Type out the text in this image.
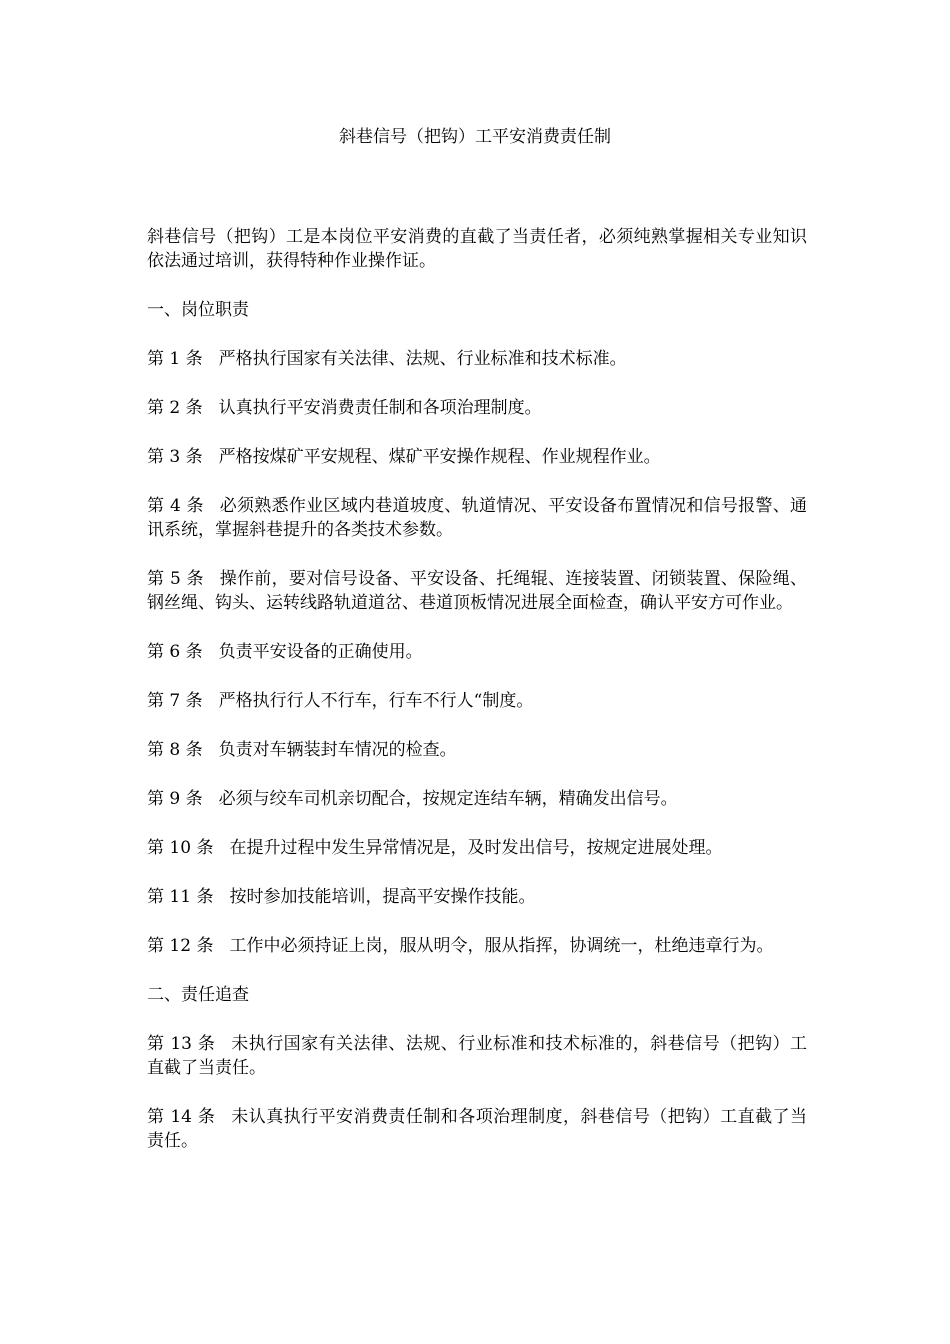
斜巷信号（把钩）工平安消费责任制

斜巷信号（把钩）工是本岗位平安消费的直截了当责任者，必须纯熟掌握相关专业知识依法通过培训，获得特种作业操作证。

一、岗位职责

第 1 条 严格执行国家有关法律、法规、行业标准和技术标准。

第 2 条 认真执行平安消费责任制和各项治理制度。

第 3 条 严格按煤矿平安规程、煤矿平安操作规程、作业规程作业。

第 4 条 必须熟悉作业区域内巷道坡度、轨道情况、平安设备布置情况和信号报警、通讯系统，掌握斜巷提升的各类技术参数。

第 5 条 操作前，要对信号设备、平安设备、托绳辊、连接装置、闭锁装置、保险绳、钢丝绳、钩头、运转线路轨道道岔、巷道顶板情况进展全面检查，确认平安方可作业。

第 6 条 负责平安设备的正确使用。

第 7 条 严格执行行人不行车，行车不行人“制度。

第 8 条 负责对车辆装封车情况的检查。

第 9 条 必须与绞车司机亲切配合，按规定连结车辆，精确发出信号。

第 10 条 在提升过程中发生异常情况是，及时发出信号，按规定进展处理。

第 11 条 按时参加技能培训，提高平安操作技能。

第 12 条 工作中必须持证上岗，服从明令，服从指挥，协调统一，杜绝违章行为。

二、责任追查

第 13 条 未执行国家有关法律、法规、行业标准和技术标准的，斜巷信号（把钩）工直截了当责任。

第 14 条 未认真执行平安消费责任制和各项治理制度，斜巷信号（把钩）工直截了当责任。
